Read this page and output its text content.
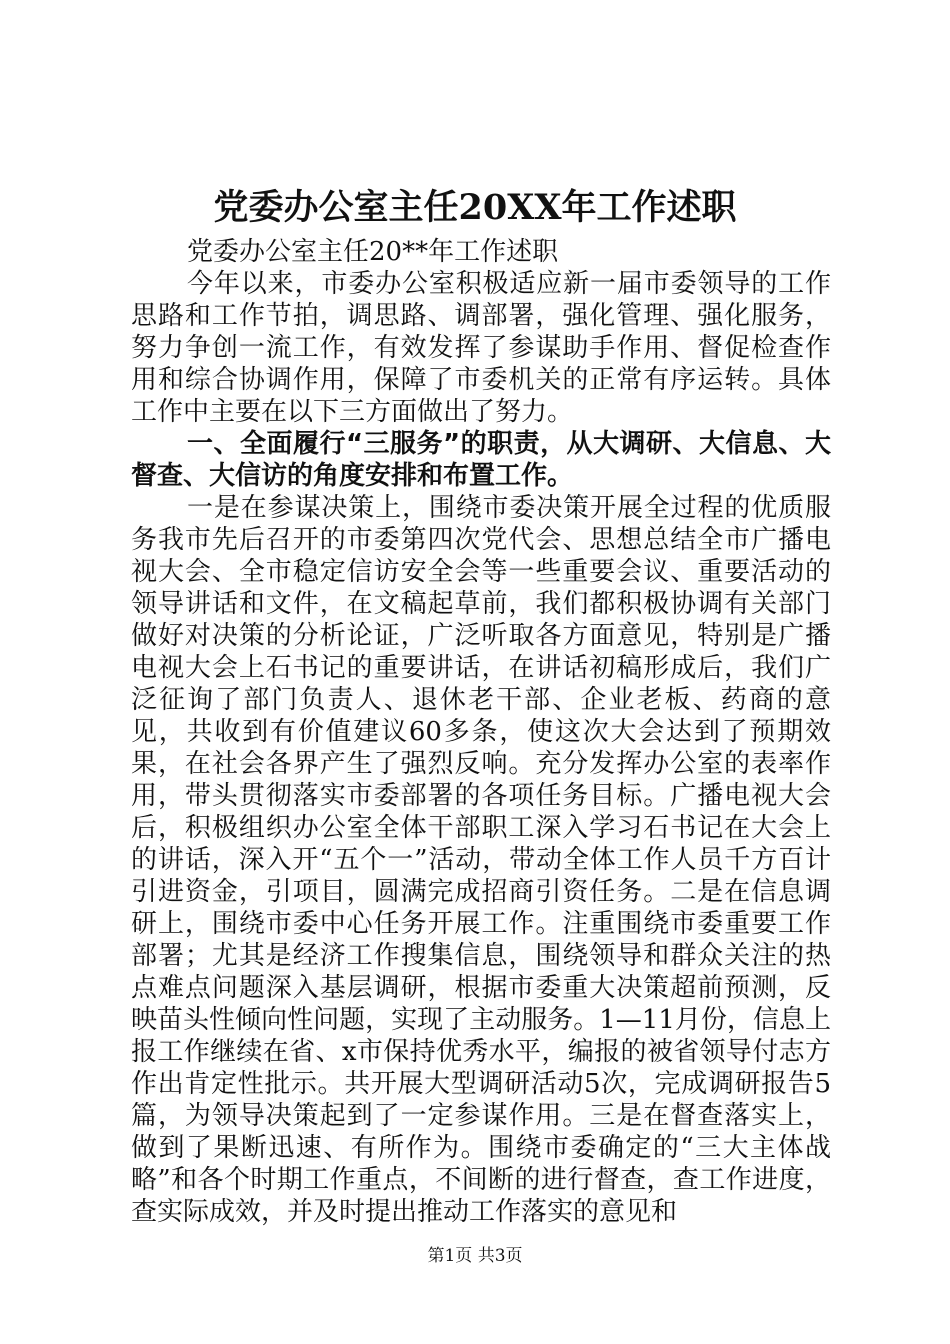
党委办公室主任20XX年工作述职

党委办公室主任20**年工作述职

今年以来，市委办公室积极适应新一届市委领导的工作思路和工作节拍，调思路、调部署，强化管理、强化服务，努力争创一流工作，有效发挥了参谋助手作用、督促检查作用和综合协调作用，保障了市委机关的正常有序运转。具体工作中主要在以下三方面做出了努力。

一、全面履行“三服务”的职责，从大调研、大信息、大督查、大信访的角度安排和布置工作。

一是在参谋决策上，围绕市委决策开展全过程的优质服务我市先后召开的市委第四次党代会、思想总结全市广播电视大会、全市稳定信访安全会等一些重要会议、重要活动的领导讲话和文件，在文稿起草前，我们都积极协调有关部门做好对决策的分析论证，广泛听取各方面意见，特别是广播电视大会上石书记的重要讲话，在讲话初稿形成后，我们广泛征询了部门负责人、退休老干部、企业老板、药商的意见，共收到有价值建议60多条，使这次大会达到了预期效果，在社会各界产生了强烈反响。充分发挥办公室的表率作用，带头贯彻落实市委部署的各项任务目标。广播电视大会后，积极组织办公室全体干部职工深入学习石书记在大会上的讲话，深入开“五个一”活动，带动全体工作人员千方百计引进资金，引项目，圆满完成招商引资任务。二是在信息调研上，围绕市委中心任务开展工作。注重围绕市委重要工作部署；尤其是经济工作搜集信息，围绕领导和群众关注的热点难点问题深入基层调研，根据市委重大决策超前预测，反映苗头性倾向性问题，实现了主动服务。1—11月份，信息上报工作继续在省、x市保持优秀水平，编报的被省领导付志方作出肯定性批示。共开展大型调研活动5次，完成调研报告5篇，为领导决策起到了一定参谋作用。三是在督查落实上，做到了果断迅速、有所作为。围绕市委确定的“三大主体战略”和各个时期工作重点，不间断的进行督查，查工作进度，查实际成效，并及时提出推动工作落实的意见和

第1页 共3页
